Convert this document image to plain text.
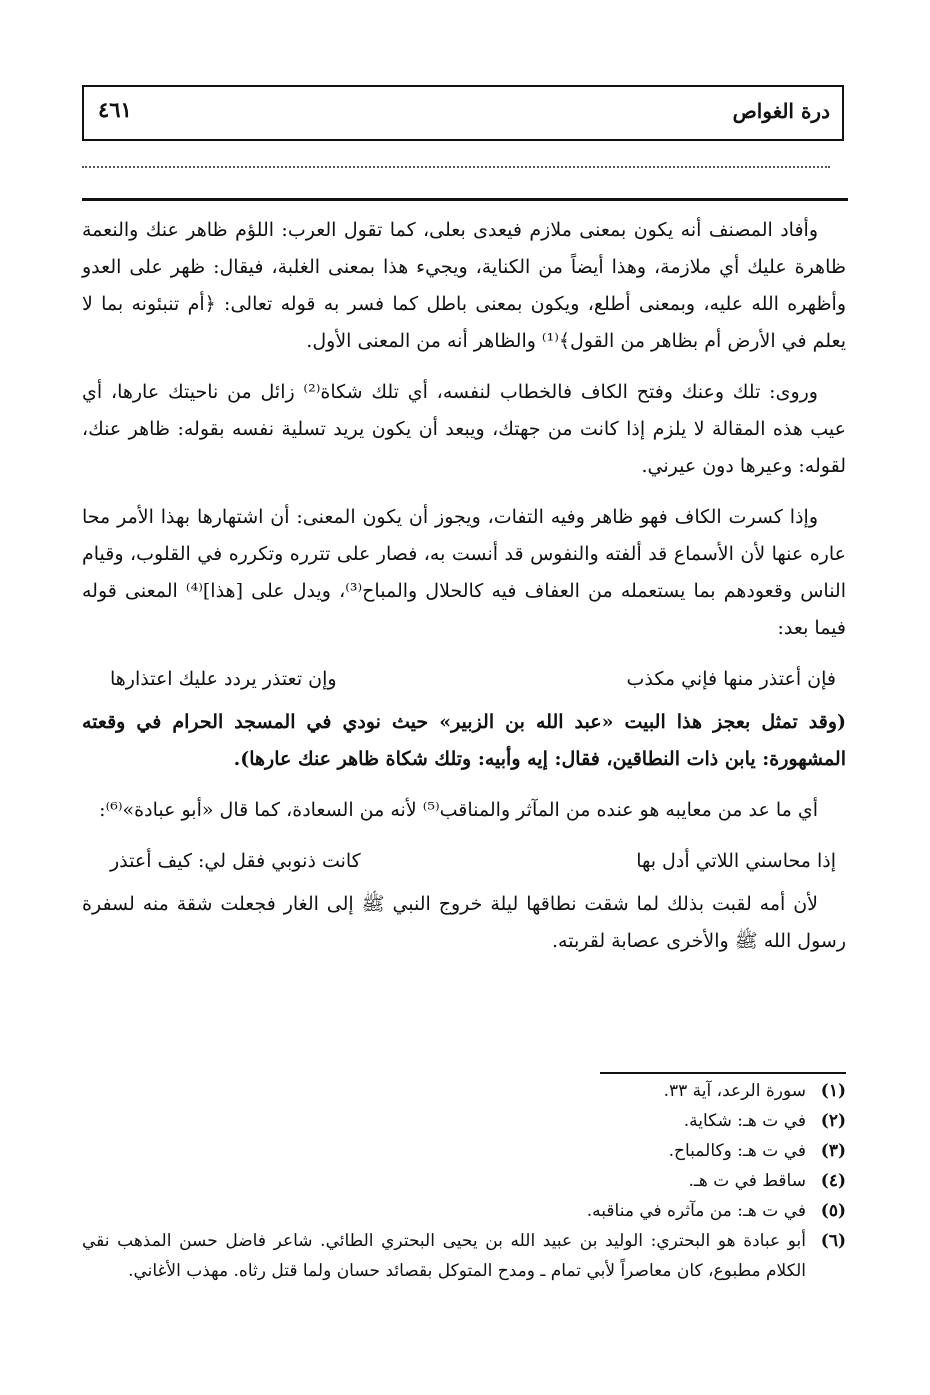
درة الغواص
٤٦١

وأفاد المصنف أنه يكون بمعنى ملازم فيعدى بعلى، كما تقول العرب: اللؤم ظاهر عنك والنعمة ظاهرة عليك أي ملازمة، وهذا أيضاً من الكناية، ويجيء هذا بمعنى الغلبة، فيقال: ظهر على العدو وأظهره الله عليه، وبمعنى أطلع، ويكون بمعنى باطل كما فسر به قوله تعالى: ﴿أم تنبئونه بما لا يعلم في الأرض أم بظاهر من القول﴾⁽¹⁾ والظاهر أنه من المعنى الأول.

وروى: تلك وعنك وفتح الكاف فالخطاب لنفسه، أي تلك شكاة⁽²⁾ زائل من ناحيتك عارها، أي عيب هذه المقالة لا يلزم إذا كانت من جهتك، ويبعد أن يكون يريد تسلية نفسه بقوله: ظاهر عنك، لقوله: وعيرها دون عيرني.

وإذا كسرت الكاف فهو ظاهر وفيه التفات، ويجوز أن يكون المعنى: أن اشتهارها بهذا الأمر محا عاره عنها لأن الأسماع قد ألفته والنفوس قد أنست به، فصار على تترره وتكرره في القلوب، وقيام الناس وقعودهم بما يستعمله من العفاف فيه كالحلال والمباح⁽³⁾، ويدل على [هذا]⁽⁴⁾ المعنى قوله فيما بعد:

فإن أعتذر منها فإني مكذب
وإن تعتذر يردد عليك اعتذارها

(وقد تمثل بعجز هذا البيت «عبد الله بن الزبير» حيث نودي في المسجد الحرام في وقعته المشهورة: يابن ذات النطاقين، فقال: إيه وأبيه: وتلك شكاة ظاهر عنك عارها).

أي ما عد من معايبه هو عنده من المآثر والمناقب⁽⁵⁾ لأنه من السعادة، كما قال «أبو عبادة»⁽⁶⁾:

إذا محاسني اللاتي أدل بها
كانت ذنوبي فقل لي: كيف أعتذر

لأن أمه لقبت بذلك لما شقت نطاقها ليلة خروج النبي ﷺ إلى الغار فجعلت شقة منه لسفرة رسول الله ﷺ والأخرى عصابة لقربته.

(١)
سورة الرعد، آية ٣٣.
(٢)
في ت هـ: شكاية.
(٣)
في ت هـ: وكالمباح.
(٤)
ساقط في ت هـ.
(٥)
في ت هـ: من مآثره في مناقبه.
(٦)
أبو عبادة هو البحتري: الوليد بن عبيد الله بن يحيى البحتري الطائي. شاعر فاضل حسن المذهب نقي الكلام مطبوع، كان معاصراً لأبي تمام ـ ومدح المتوكل بقصائد حسان ولما قتل رثاه. مهذب الأغاني.
